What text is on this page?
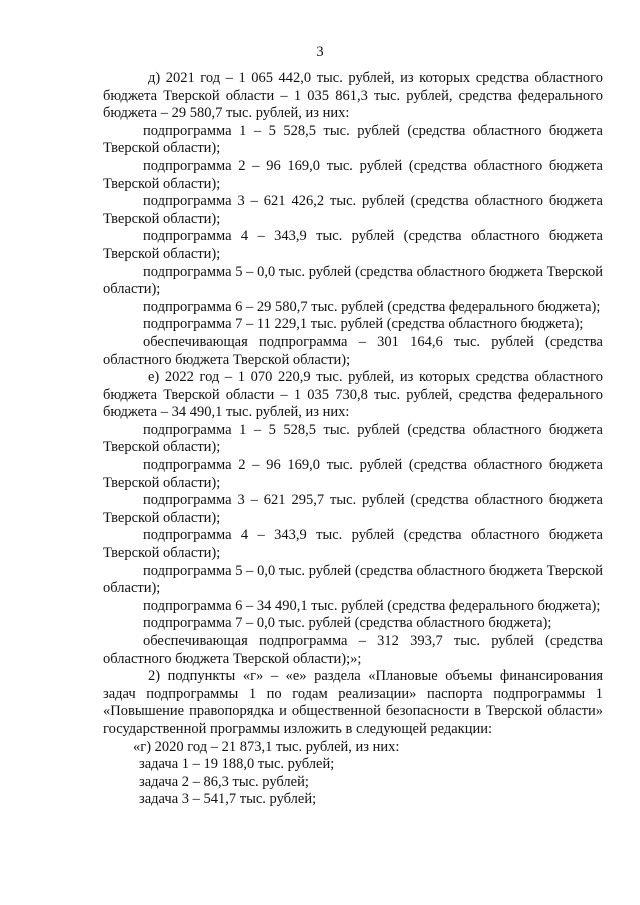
3

д) 2021 год – 1 065 442,0 тыс. рублей, из которых средства областного бюджета Тверской области – 1 035 861,3 тыс. рублей, средства федерального бюджета – 29 580,7 тыс. рублей, из них:

подпрограмма 1 – 5 528,5 тыс. рублей (средства областного бюджета Тверской области);

подпрограмма 2 – 96 169,0 тыс. рублей (средства областного бюджета Тверской области);

подпрограмма 3 – 621 426,2 тыс. рублей (средства областного бюджета Тверской области);

подпрограмма 4 – 343,9 тыс. рублей (средства областного бюджета Тверской области);

подпрограмма 5 – 0,0 тыс. рублей (средства областного бюджета Тверской области);

подпрограмма 6 – 29 580,7 тыс. рублей (средства федерального бюджета);

подпрограмма 7 – 11 229,1 тыс. рублей (средства областного бюджета);

обеспечивающая подпрограмма – 301 164,6 тыс. рублей (средства областного бюджета Тверской области);

е) 2022 год – 1 070 220,9 тыс. рублей, из которых средства областного бюджета Тверской области – 1 035 730,8 тыс. рублей, средства федерального бюджета – 34 490,1 тыс. рублей, из них:

подпрограмма 1 – 5 528,5 тыс. рублей (средства областного бюджета Тверской области);

подпрограмма 2 – 96 169,0 тыс. рублей (средства областного бюджета Тверской области);

подпрограмма 3 – 621 295,7 тыс. рублей (средства областного бюджета Тверской области);

подпрограмма 4 – 343,9 тыс. рублей (средства областного бюджета Тверской области);

подпрограмма 5 – 0,0 тыс. рублей (средства областного бюджета Тверской области);

подпрограмма 6 – 34 490,1 тыс. рублей (средства федерального бюджета);

подпрограмма 7 – 0,0 тыс. рублей (средства областного бюджета);

обеспечивающая подпрограмма – 312 393,7 тыс. рублей (средства областного бюджета Тверской области);»;

2) подпункты «г» – «е» раздела «Плановые объемы финансирования задач подпрограммы 1 по годам реализации» паспорта подпрограммы 1 «Повышение правопорядка и общественной безопасности в Тверской области» государственной программы изложить в следующей редакции:

«г) 2020 год – 21 873,1 тыс. рублей, из них:

задача 1 – 19 188,0 тыс. рублей;

задача 2 – 86,3 тыс. рублей;

задача 3 – 541,7 тыс. рублей;
